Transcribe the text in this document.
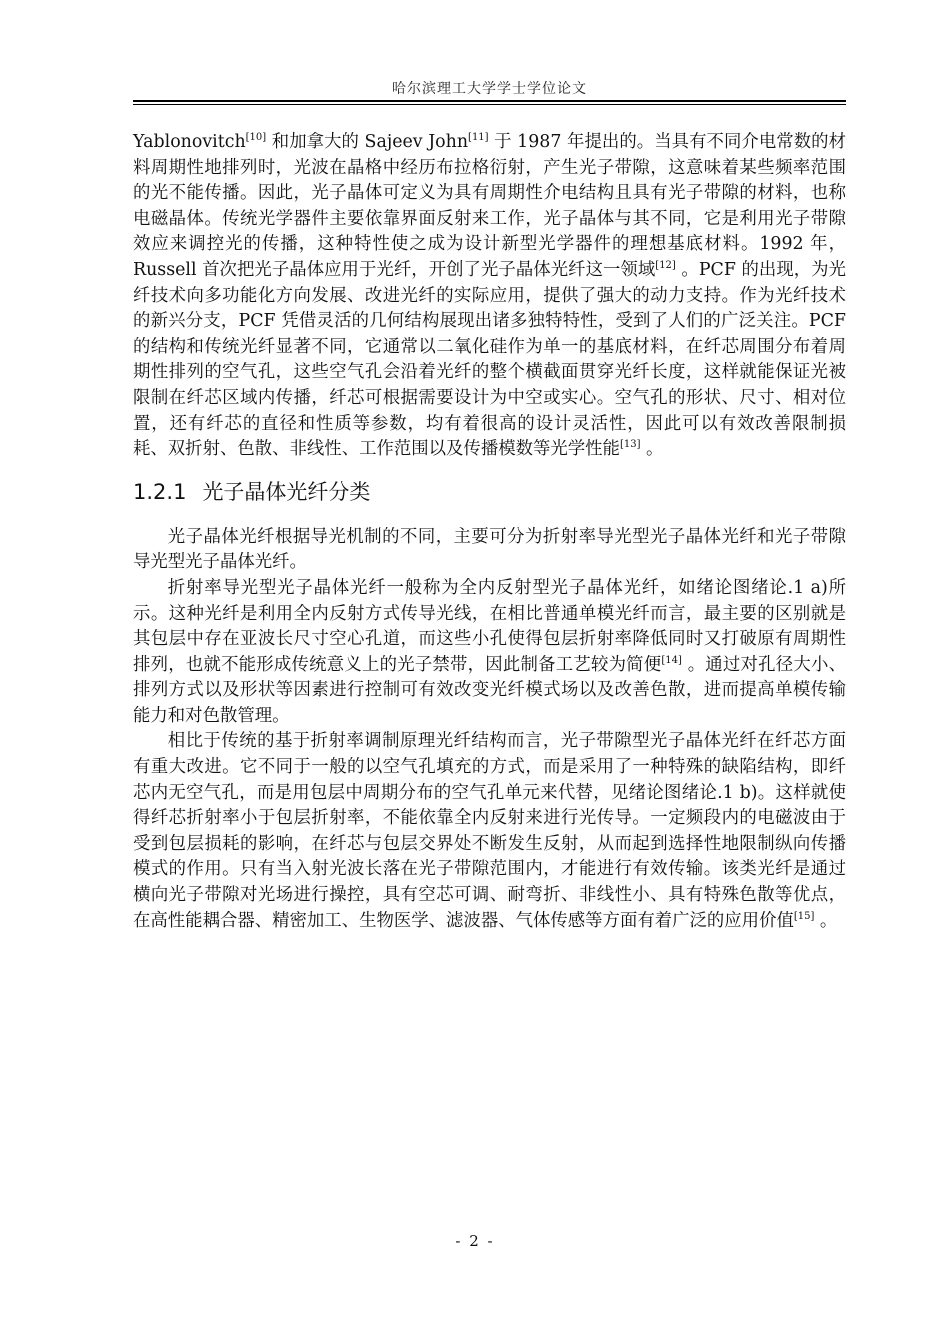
哈尔滨理工大学学士学位论文

Yablonovitch[10] 和加拿大的 Sajeev John[11] 于 1987 年提出的。当具有不同介电常数的材料周期性地排列时，光波在晶格中经历布拉格衍射，产生光子带隙，这意味着某些频率范围的光不能传播。因此，光子晶体可定义为具有周期性介电结构且具有光子带隙的材料，也称电磁晶体。传统光学器件主要依靠界面反射来工作，光子晶体与其不同，它是利用光子带隙效应来调控光的传播，这种特性使之成为设计新型光学器件的理想基底材料。1992 年，Russell 首次把光子晶体应用于光纤，开创了光子晶体光纤这一领域[12] 。PCF 的出现，为光纤技术向多功能化方向发展、改进光纤的实际应用，提供了强大的动力支持。作为光纤技术的新兴分支，PCF 凭借灵活的几何结构展现出诸多独特特性，受到了人们的广泛关注。PCF 的结构和传统光纤显著不同，它通常以二氧化硅作为单一的基底材料，在纤芯周围分布着周期性排列的空气孔，这些空气孔会沿着光纤的整个横截面贯穿光纤长度，这样就能保证光被限制在纤芯区域内传播，纤芯可根据需要设计为中空或实心。空气孔的形状、尺寸、相对位置，还有纤芯的直径和性质等参数，均有着很高的设计灵活性，因此可以有效改善限制损耗、双折射、色散、非线性、工作范围以及传播模数等光学性能[13] 。

1.2.1 光子晶体光纤分类

光子晶体光纤根据导光机制的不同，主要可分为折射率导光型光子晶体光纤和光子带隙导光型光子晶体光纤。

折射率导光型光子晶体光纤一般称为全内反射型光子晶体光纤，如绪论图绪论.1 a)所示。这种光纤是利用全内反射方式传导光线，在相比普通单模光纤而言，最主要的区别就是其包层中存在亚波长尺寸空心孔道，而这些小孔使得包层折射率降低同时又打破原有周期性排列，也就不能形成传统意义上的光子禁带，因此制备工艺较为简便[14] 。通过对孔径大小、排列方式以及形状等因素进行控制可有效改变光纤模式场以及改善色散，进而提高单模传输能力和对色散管理。

相比于传统的基于折射率调制原理光纤结构而言，光子带隙型光子晶体光纤在纤芯方面有重大改进。它不同于一般的以空气孔填充的方式，而是采用了一种特殊的缺陷结构，即纤芯内无空气孔，而是用包层中周期分布的空气孔单元来代替，见绪论图绪论.1 b)。这样就使得纤芯折射率小于包层折射率，不能依靠全内反射来进行光传导。一定频段内的电磁波由于受到包层损耗的影响，在纤芯与包层交界处不断发生反射，从而起到选择性地限制纵向传播模式的作用。只有当入射光波长落在光子带隙范围内，才能进行有效传输。该类光纤是通过横向光子带隙对光场进行操控，具有空芯可调、耐弯折、非线性小、具有特殊色散等优点，在高性能耦合器、精密加工、生物医学、滤波器、气体传感等方面有着广泛的应用价值[15] 。

- 2 -
